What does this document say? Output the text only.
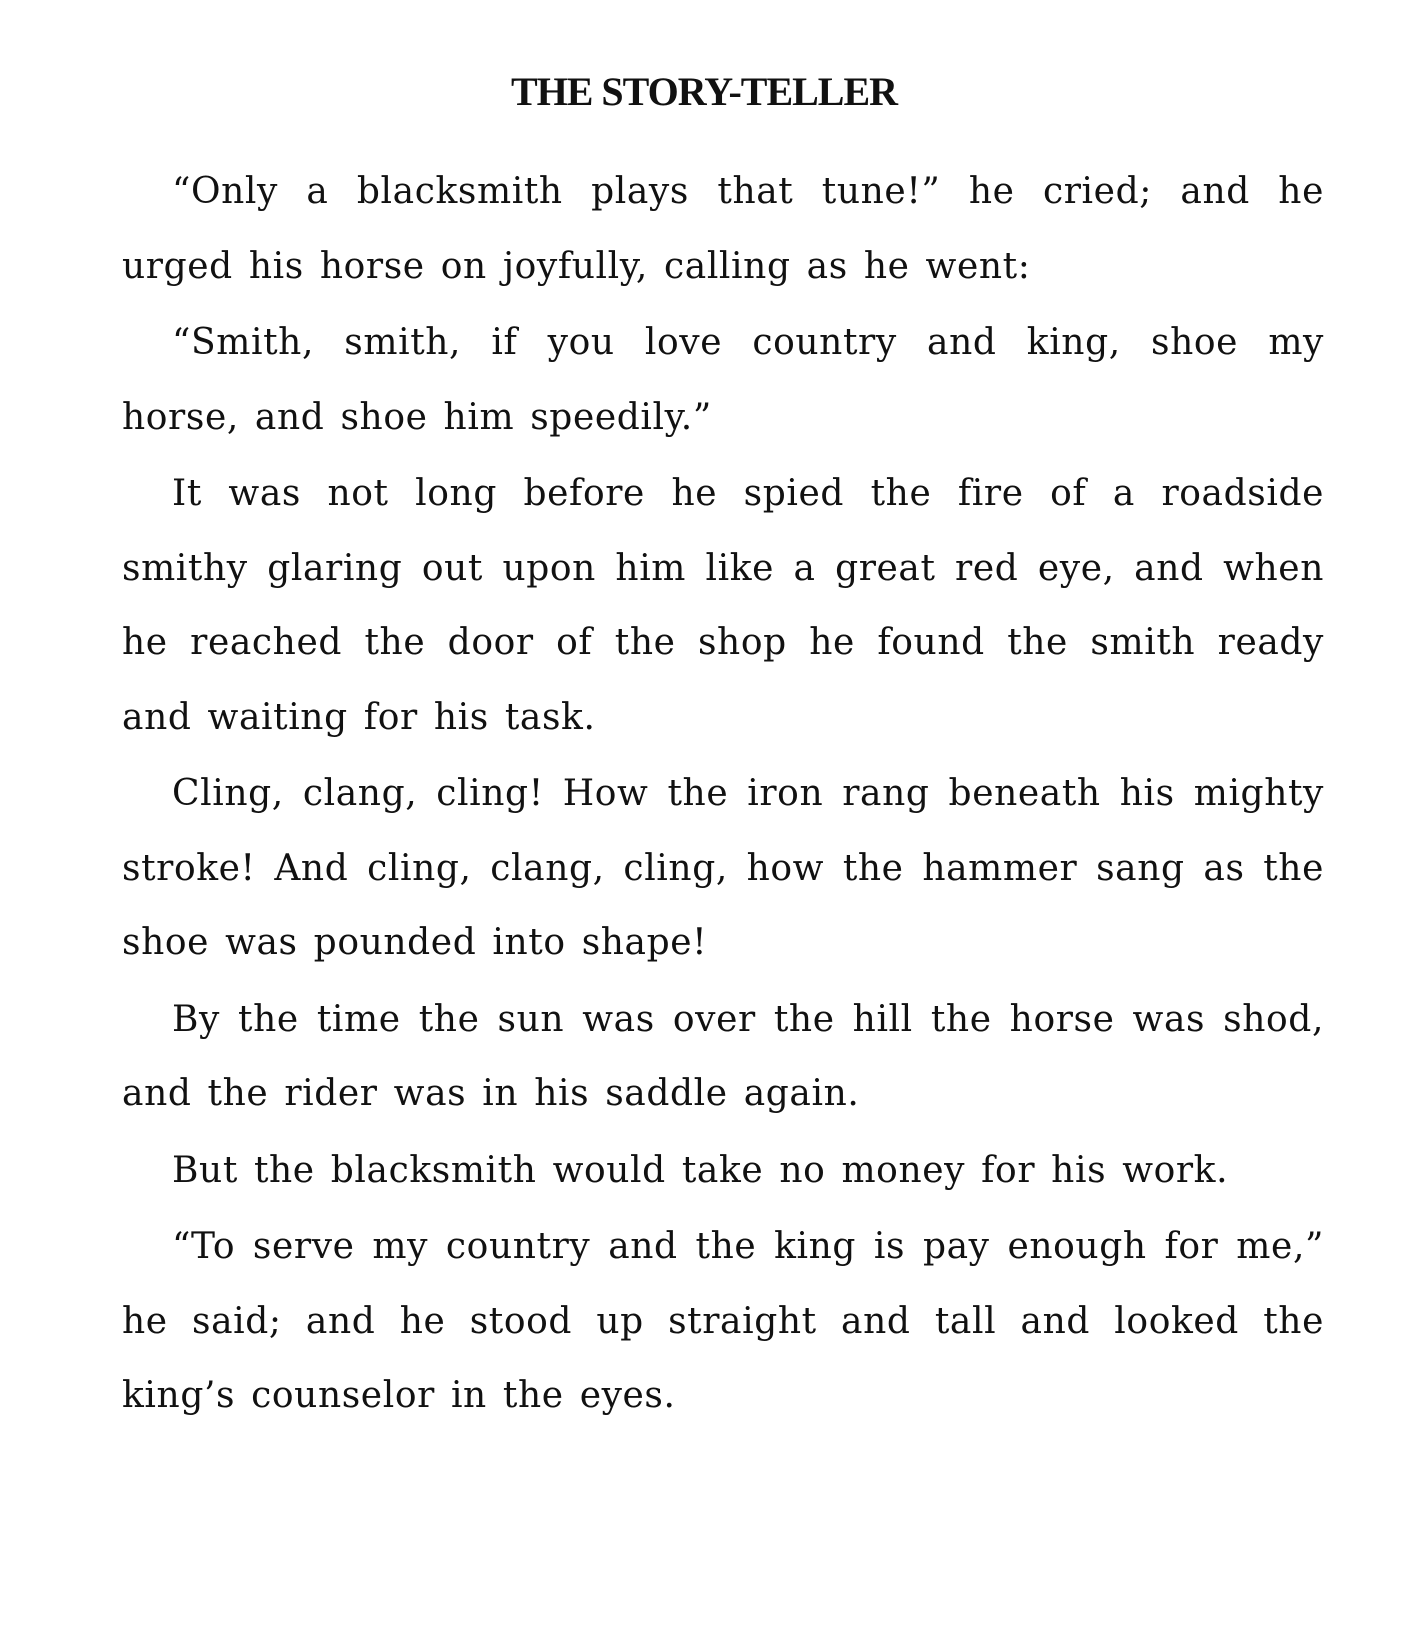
THE STORY-TELLER

“Only a blacksmith plays that tune!” he cried; and he urged his horse on joyfully, calling as he went:

“Smith, smith, if you love country and king, shoe my horse, and shoe him speedily.”

It was not long before he spied the fire of a roadside smithy glaring out upon him like a great red eye, and when he reached the door of the shop he found the smith ready and waiting for his task.

Cling, clang, cling! How the iron rang beneath his mighty stroke! And cling, clang, cling, how the hammer sang as the shoe was pounded into shape!

By the time the sun was over the hill the horse was shod, and the rider was in his saddle again.

But the blacksmith would take no money for his work.

“To serve my country and the king is pay enough for me,” he said; and he stood up straight and tall and looked the king’s counselor in the eyes.
